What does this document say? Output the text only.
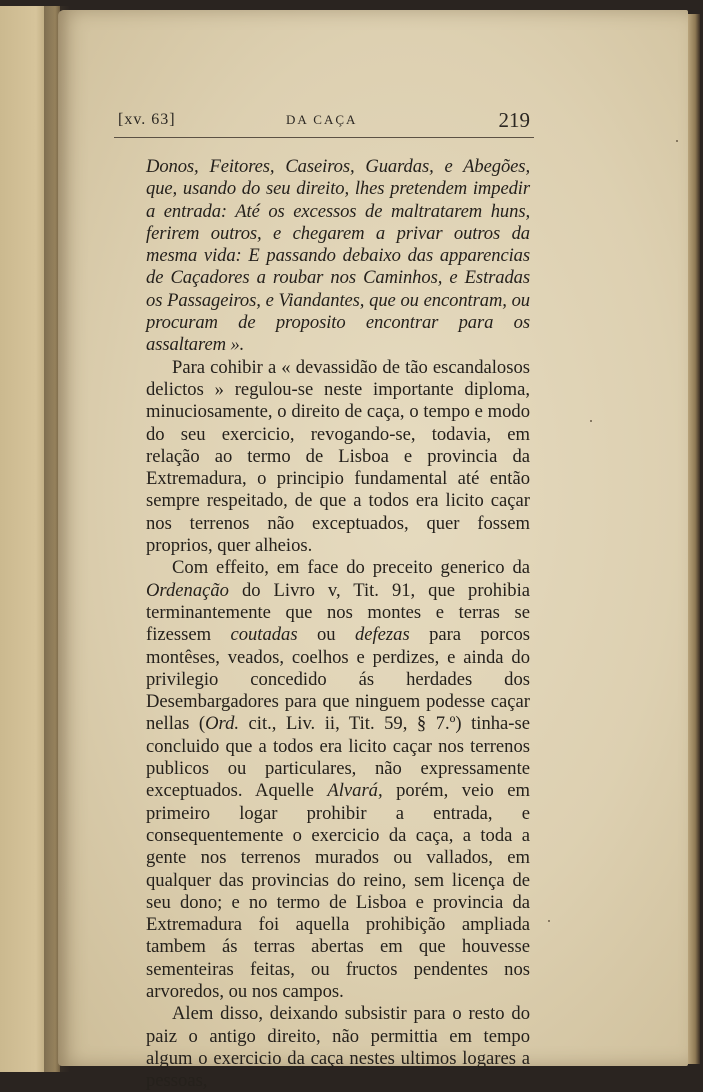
[xv. 63]	DA CAÇA	219

Donos, Feitores, Caseiros, Guardas, e Abegões, que, usando do seu direito, lhes pretendem impedir a entrada: Até os excessos de maltratarem huns, ferirem outros, e chegarem a privar outros da mesma vida: E passando debaixo das apparencias de Caçadores a roubar nos Caminhos, e Estradas os Passageiros, e Viandantes, que ou encontram, ou procuram de proposito encontrar para os assaltarem ».

Para cohibir a « devassidão de tão escandalosos delictos » regulou-se neste importante diploma, minuciosamente, o direito de caça, o tempo e modo do seu exercicio, revogando-se, todavia, em relação ao termo de Lisboa e provincia da Extremadura, o principio fundamental até então sempre respeitado, de que a todos era licito caçar nos terrenos não exceptuados, quer fossem proprios, quer alheios.

Com effeito, em face do preceito generico da Ordenação do Livro v, Tit. 91, que prohibia terminantemente que nos montes e terras se fizessem coutadas ou defezas para porcos montêses, veados, coelhos e perdizes, e ainda do privilegio concedido ás herdades dos Desembargadores para que ninguem podesse caçar nellas (Ord. cit., Liv. ii, Tit. 59, § 7.º) tinha-se concluido que a todos era licito caçar nos terrenos publicos ou particulares, não expressamente exceptuados. Aquelle Alvará, porém, veio em primeiro logar prohibir a entrada, e consequentemente o exercicio da caça, a toda a gente nos terrenos murados ou vallados, em qualquer das provincias do reino, sem licença de seu dono; e no termo de Lisboa e provincia da Extremadura foi aquella prohibição ampliada tambem ás terras abertas em que houvesse sementeiras feitas, ou fructos pendentes nos arvoredos, ou nos campos.

Alem disso, deixando subsistir para o resto do paiz o antigo direito, não permittia em tempo algum o exercicio da caça nestes ultimos logares a pessoas,
